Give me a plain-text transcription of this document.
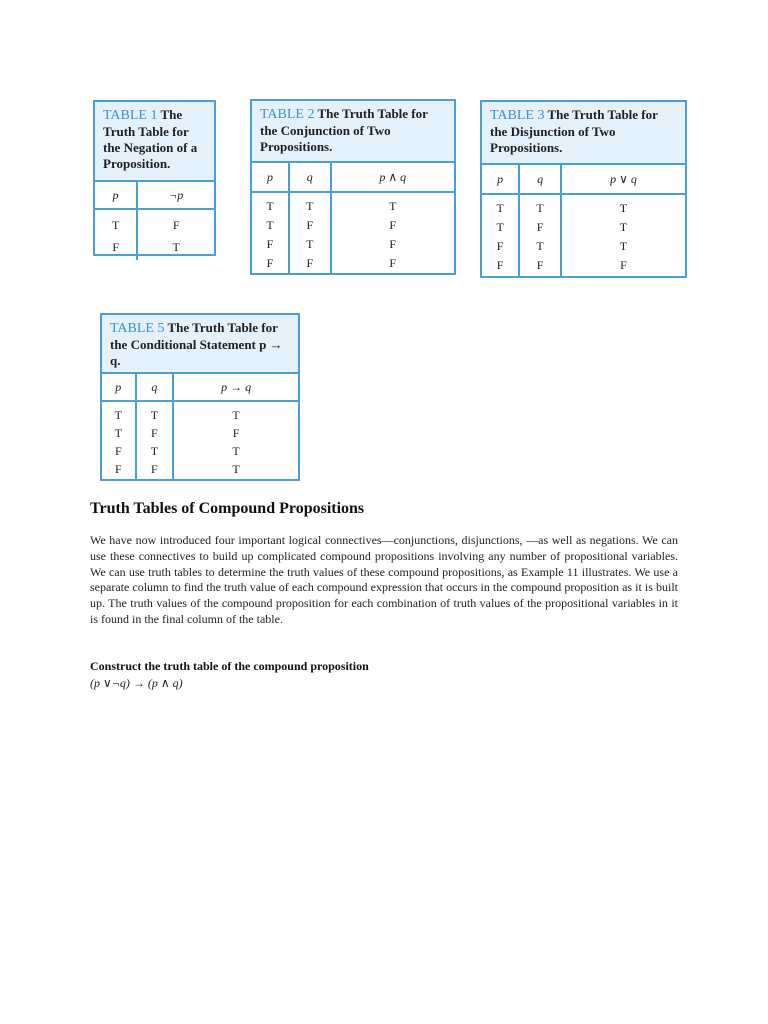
TABLE 1 The Truth Table for the Negation of a Proposition.
p	¬p
T	F
F	T
TABLE 2 The Truth Table for the Conjunction of Two Propositions.
p	q	p ∧ q
T	T	T
T	F	F
F	T	F
F	F	F
TABLE 3 The Truth Table for the Disjunction of Two Propositions.
p	q	p ∨ q
T	T	T
T	F	T
F	T	T
F	F	F
TABLE 5 The Truth Table for the Conditional Statement p → q.
p	q	p → q
T	T	T
T	F	F
F	T	T
F	F	T
Truth Tables of Compound Propositions

We have now introduced four important logical connectives—conjunctions, disjunctions, —as well as negations. We can use these connectives to build up complicated compound propositions involving any number of propositional variables. We can use truth tables to determine the truth values of these compound propositions, as Example 11 illustrates. We use a separate column to find the truth value of each compound expression that occurs in the compound proposition as it is built up. The truth values of the compound proposition for each combination of truth values of the propositional variables in it is found in the final column of the table.

Construct the truth table of the compound proposition

(p ∨¬q) → (p ∧ q)
